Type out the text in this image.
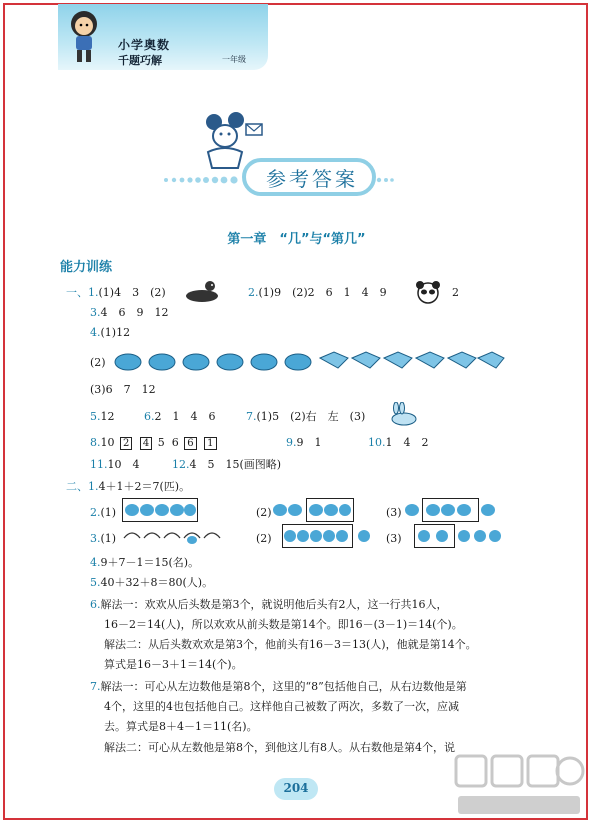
小学奥数
千题巧解	一年级
参考答案
第一章　“几”与“第几”
能力训练
一、1.(1)4　3　(2)	2.(1)9　(2)2　6　1　4　9	2
3.4　6　9　12
4.(1)12
(2)
(3)6　7　12
5.12	6.2　1　4　6	7.(1)5　(2)右　左　(3)
8.10 2 4 5 6 6 1	9.9　1	10.1　4　2
11.10　4	12.4　5　15(画图略)
二、1.4＋1＋2＝7(匹)。
2.(1)	(2)	(3)
3.(1)	(2)	(3)
4.9＋7－1＝15(名)。
5.40＋32＋8＝80(人)。
6.解法一：欢欢从后头数是第3个，就说明他后头有2人，这一行共16人，
16－2＝14(人)，所以欢欢从前头数是第14个。即16－(3－1)＝14(个)。
解法二：从后头数欢欢是第3个，他前头有16－3＝13(人)，他就是第14个。
算式是16－3＋1＝14(个)。
7.解法一：可心从左边数他是第8个，这里的“8”包括他自己，从右边数他是第
4个，这里的4也包括他自己。这样他自己被数了两次，多数了一次，应减
去。算式是8＋4－1＝11(名)。
解法二：可心从左数他是第8个，到他这儿有8人。从右数他是第4个，说
204
